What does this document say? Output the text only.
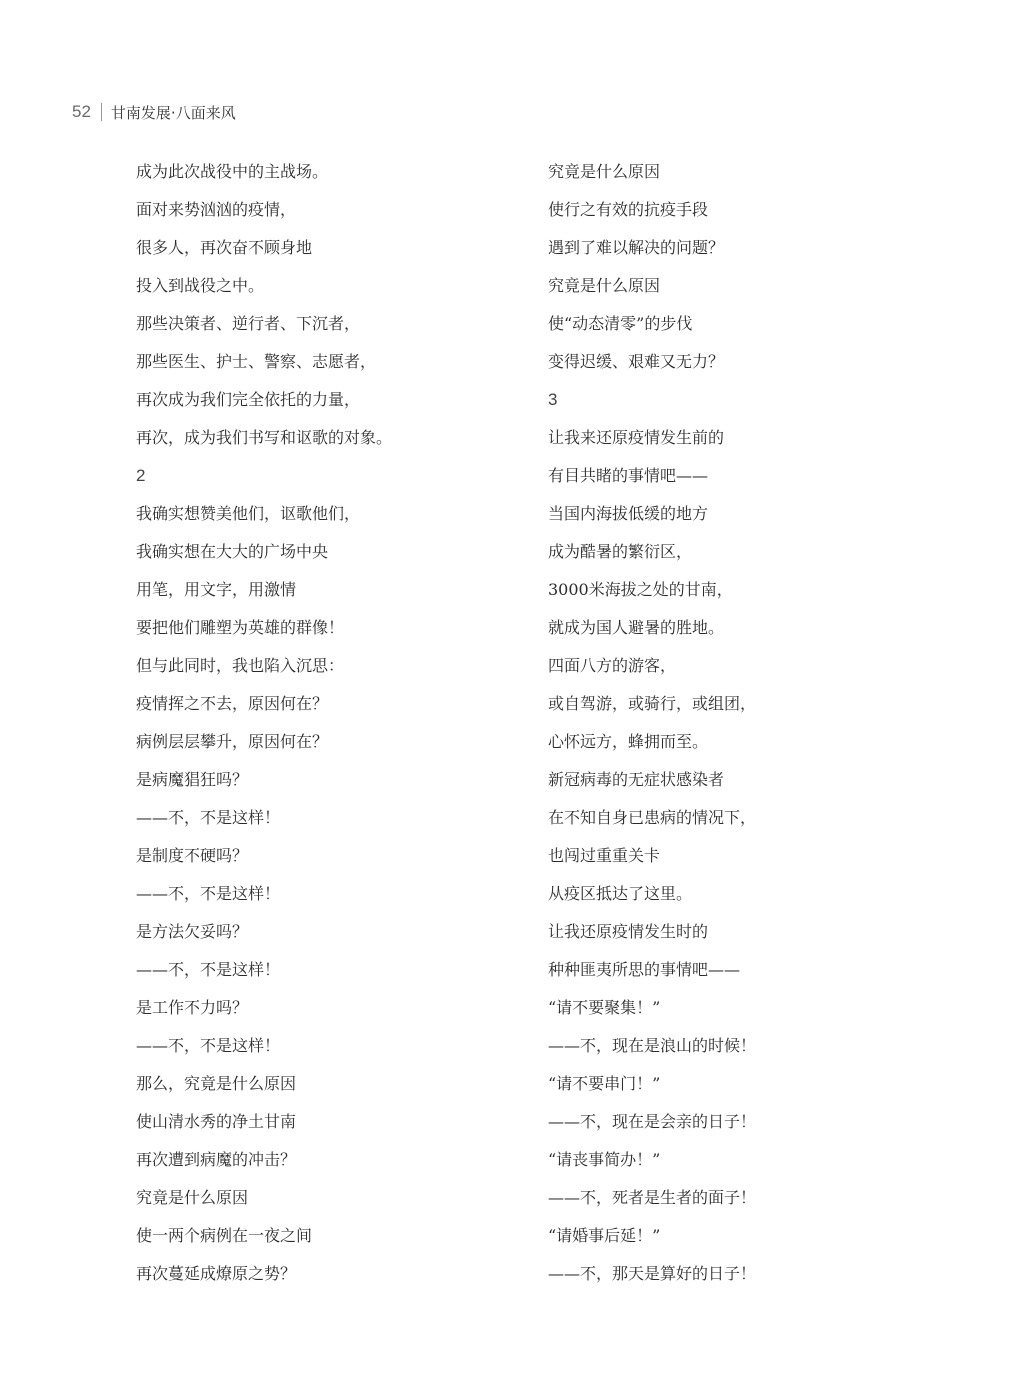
52 甘南发展·八面来风
成为此次战役中的主战场。
面对来势汹汹的疫情，
很多人，再次奋不顾身地
投入到战役之中。
那些决策者、逆行者、下沉者，
那些医生、护士、警察、志愿者，
再次成为我们完全依托的力量，
再次，成为我们书写和讴歌的对象。
2
我确实想赞美他们，讴歌他们，
我确实想在大大的广场中央
用笔，用文字，用激情
要把他们雕塑为英雄的群像！
但与此同时，我也陷入沉思：
疫情挥之不去，原因何在？
病例层层攀升，原因何在？
是病魔猖狂吗？
——不，不是这样！
是制度不硬吗？
——不，不是这样！
是方法欠妥吗？
——不，不是这样！
是工作不力吗？
——不，不是这样！
那么，究竟是什么原因
使山清水秀的净土甘南
再次遭到病魔的冲击？
究竟是什么原因
使一两个病例在一夜之间
再次蔓延成燎原之势？
究竟是什么原因
使行之有效的抗疫手段
遇到了难以解决的问题？
究竟是什么原因
使“动态清零”的步伐
变得迟缓、艰难又无力？
3
让我来还原疫情发生前的
有目共睹的事情吧——
当国内海拔低缓的地方
成为酷暑的繁衍区，
3000米海拔之处的甘南，
就成为国人避暑的胜地。
四面八方的游客，
或自驾游，或骑行，或组团，
心怀远方，蜂拥而至。
新冠病毒的无症状感染者
在不知自身已患病的情况下，
也闯过重重关卡
从疫区抵达了这里。
让我还原疫情发生时的
种种匪夷所思的事情吧——
“请不要聚集！”
——不，现在是浪山的时候！
“请不要串门！”
——不，现在是会亲的日子！
“请丧事简办！”
——不，死者是生者的面子！
“请婚事后延！”
——不，那天是算好的日子！
